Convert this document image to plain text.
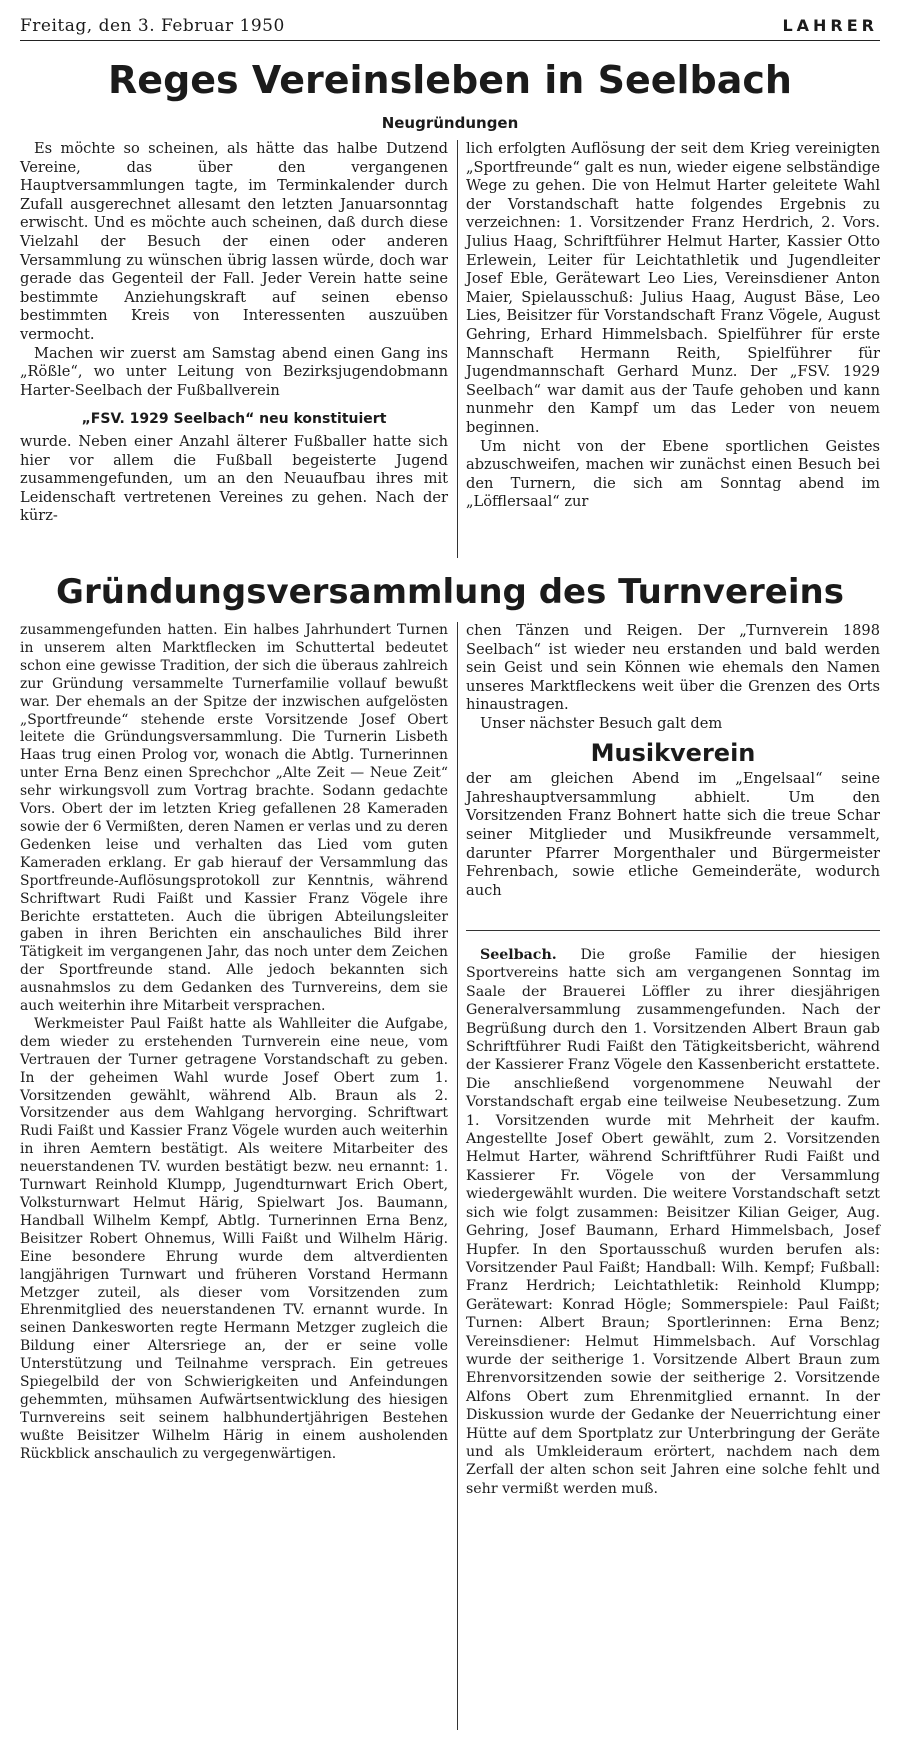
Freitag, den 3. Februar 1950	LAHRER
Reges Vereinsleben in Seelbach
Neugründungen

Es möchte so scheinen, als hätte das halbe Dutzend Vereine, das über den vergangenen Hauptversammlungen tagte, im Terminkalender durch Zufall ausgerechnet allesamt den letzten Januarsonntag erwischt. Und es möchte auch scheinen, daß durch diese Vielzahl der Besuch der einen oder anderen Versammlung zu wünschen übrig lassen würde, doch war gerade das Gegenteil der Fall. Jeder Verein hatte seine bestimmte Anziehungskraft auf seinen ebenso bestimmten Kreis von Interessenten auszuüben vermocht.

Machen wir zuerst am Samstag abend einen Gang ins „Rößle“, wo unter Leitung von Bezirksjugendobmann Harter-Seelbach der Fußballverein

„FSV. 1929 Seelbach“ neu konstituiert

wurde. Neben einer Anzahl älterer Fußballer hatte sich hier vor allem die Fußball begeisterte Jugend zusammengefunden, um an den Neuaufbau ihres mit Leidenschaft vertretenen Vereines zu gehen. Nach der kürz-

lich erfolgten Auflösung der seit dem Krieg vereinigten „Sportfreunde“ galt es nun, wieder eigene selbständige Wege zu gehen. Die von Helmut Harter geleitete Wahl der Vorstandschaft hatte folgendes Ergebnis zu verzeichnen: 1. Vorsitzender Franz Herdrich, 2. Vors. Julius Haag, Schriftführer Helmut Harter, Kassier Otto Erlewein, Leiter für Leichtathletik und Jugendleiter Josef Eble, Gerätewart Leo Lies, Vereinsdiener Anton Maier, Spielausschuß: Julius Haag, August Bäse, Leo Lies, Beisitzer für Vorstandschaft Franz Vögele, August Gehring, Erhard Himmelsbach. Spielführer für erste Mannschaft Hermann Reith, Spielführer für Jugendmannschaft Gerhard Munz. Der „FSV. 1929 Seelbach“ war damit aus der Taufe gehoben und kann nunmehr den Kampf um das Leder von neuem beginnen.

Um nicht von der Ebene sportlichen Geistes abzuschweifen, machen wir zunächst einen Besuch bei den Turnern, die sich am Sonntag abend im „Löfflersaal“ zur

Gründungsversammlung des Turnvereins

zusammengefunden hatten. Ein halbes Jahrhundert Turnen in unserem alten Marktflecken im Schuttertal bedeutet schon eine gewisse Tradition, der sich die überaus zahlreich zur Gründung versammelte Turnerfamilie vollauf bewußt war. Der ehemals an der Spitze der inzwischen aufgelösten „Sportfreunde“ stehende erste Vorsitzende Josef Obert leitete die Gründungsversammlung. Die Turnerin Lisbeth Haas trug einen Prolog vor, wonach die Abtlg. Turnerinnen unter Erna Benz einen Sprechchor „Alte Zeit — Neue Zeit“ sehr wirkungsvoll zum Vortrag brachte. Sodann gedachte Vors. Obert der im letzten Krieg gefallenen 28 Kameraden sowie der 6 Vermißten, deren Namen er verlas und zu deren Gedenken leise und verhalten das Lied vom guten Kameraden erklang. Er gab hierauf der Versammlung das Sportfreunde-Auflösungsprotokoll zur Kenntnis, während Schriftwart Rudi Faißt und Kassier Franz Vögele ihre Berichte erstatteten. Auch die übrigen Abteilungsleiter gaben in ihren Berichten ein anschauliches Bild ihrer Tätigkeit im vergangenen Jahr, das noch unter dem Zeichen der Sportfreunde stand. Alle jedoch bekannten sich ausnahmslos zu dem Gedanken des Turnvereins, dem sie auch weiterhin ihre Mitarbeit versprachen.

Werkmeister Paul Faißt hatte als Wahlleiter die Aufgabe, dem wieder zu erstehenden Turnverein eine neue, vom Vertrauen der Turner getragene Vorstandschaft zu geben. In der geheimen Wahl wurde Josef Obert zum 1. Vorsitzenden gewählt, während Alb. Braun als 2. Vorsitzender aus dem Wahlgang hervorging. Schriftwart Rudi Faißt und Kassier Franz Vögele wurden auch weiterhin in ihren Aemtern bestätigt. Als weitere Mitarbeiter des neuerstandenen TV. wurden bestätigt bezw. neu ernannt: 1. Turnwart Reinhold Klumpp, Jugendturnwart Erich Obert, Volksturnwart Helmut Härig, Spielwart Jos. Baumann, Handball Wilhelm Kempf, Abtlg. Turnerinnen Erna Benz, Beisitzer Robert Ohnemus, Willi Faißt und Wilhelm Härig. Eine besondere Ehrung wurde dem altverdienten langjährigen Turnwart und früheren Vorstand Hermann Metzger zuteil, als dieser vom Vorsitzenden zum Ehrenmitglied des neuerstandenen TV. ernannt wurde. In seinen Dankesworten regte Hermann Metzger zugleich die Bildung einer Altersriege an, der er seine volle Unterstützung und Teilnahme versprach. Ein getreues Spiegelbild der von Schwierigkeiten und Anfeindungen gehemmten, mühsamen Aufwärtsentwicklung des hiesigen Turnvereins seit seinem halbhundertjährigen Bestehen wußte Beisitzer Wilhelm Härig in einem ausholenden Rückblick anschaulich zu vergegenwärtigen.

chen Tänzen und Reigen. Der „Turnverein 1898 Seelbach“ ist wieder neu erstanden und bald werden sein Geist und sein Können wie ehemals den Namen unseres Marktfleckens weit über die Grenzen des Orts hinaustragen.

Unser nächster Besuch galt dem

Musikverein

der am gleichen Abend im „Engelsaal“ seine Jahreshauptversammlung abhielt. Um den Vorsitzenden Franz Bohnert hatte sich die treue Schar seiner Mitglieder und Musikfreunde versammelt, darunter Pfarrer Morgenthaler und Bürgermeister Fehrenbach, sowie etliche Gemeinderäte, wodurch auch

Seelbach. Die große Familie der hiesigen Sportvereins hatte sich am vergangenen Sonntag im Saale der Brauerei Löffler zu ihrer diesjährigen Generalversammlung zusammengefunden. Nach der Begrüßung durch den 1. Vorsitzenden Albert Braun gab Schriftführer Rudi Faißt den Tätigkeitsbericht, während der Kassierer Franz Vögele den Kassenbericht erstattete. Die anschließend vorgenommene Neuwahl der Vorstandschaft ergab eine teilweise Neubesetzung. Zum 1. Vorsitzenden wurde mit Mehrheit der kaufm. Angestellte Josef Obert gewählt, zum 2. Vorsitzenden Helmut Harter, während Schriftführer Rudi Faißt und Kassierer Fr. Vögele von der Versammlung wiedergewählt wurden. Die weitere Vorstandschaft setzt sich wie folgt zusammen: Beisitzer Kilian Geiger, Aug. Gehring, Josef Baumann, Erhard Himmelsbach, Josef Hupfer. In den Sportausschuß wurden berufen als: Vorsitzender Paul Faißt; Handball: Wilh. Kempf; Fußball: Franz Herdrich; Leichtathletik: Reinhold Klumpp; Gerätewart: Konrad Högle; Sommerspiele: Paul Faißt; Turnen: Albert Braun; Sportlerinnen: Erna Benz; Vereinsdiener: Helmut Himmelsbach. Auf Vorschlag wurde der seitherige 1. Vorsitzende Albert Braun zum Ehrenvorsitzenden sowie der seitherige 2. Vorsitzende Alfons Obert zum Ehrenmitglied ernannt. In der Diskussion wurde der Gedanke der Neuerrichtung einer Hütte auf dem Sportplatz zur Unterbringung der Geräte und als Umkleideraum erörtert, nachdem nach dem Zerfall der alten schon seit Jahren eine solche fehlt und sehr vermißt werden muß.
